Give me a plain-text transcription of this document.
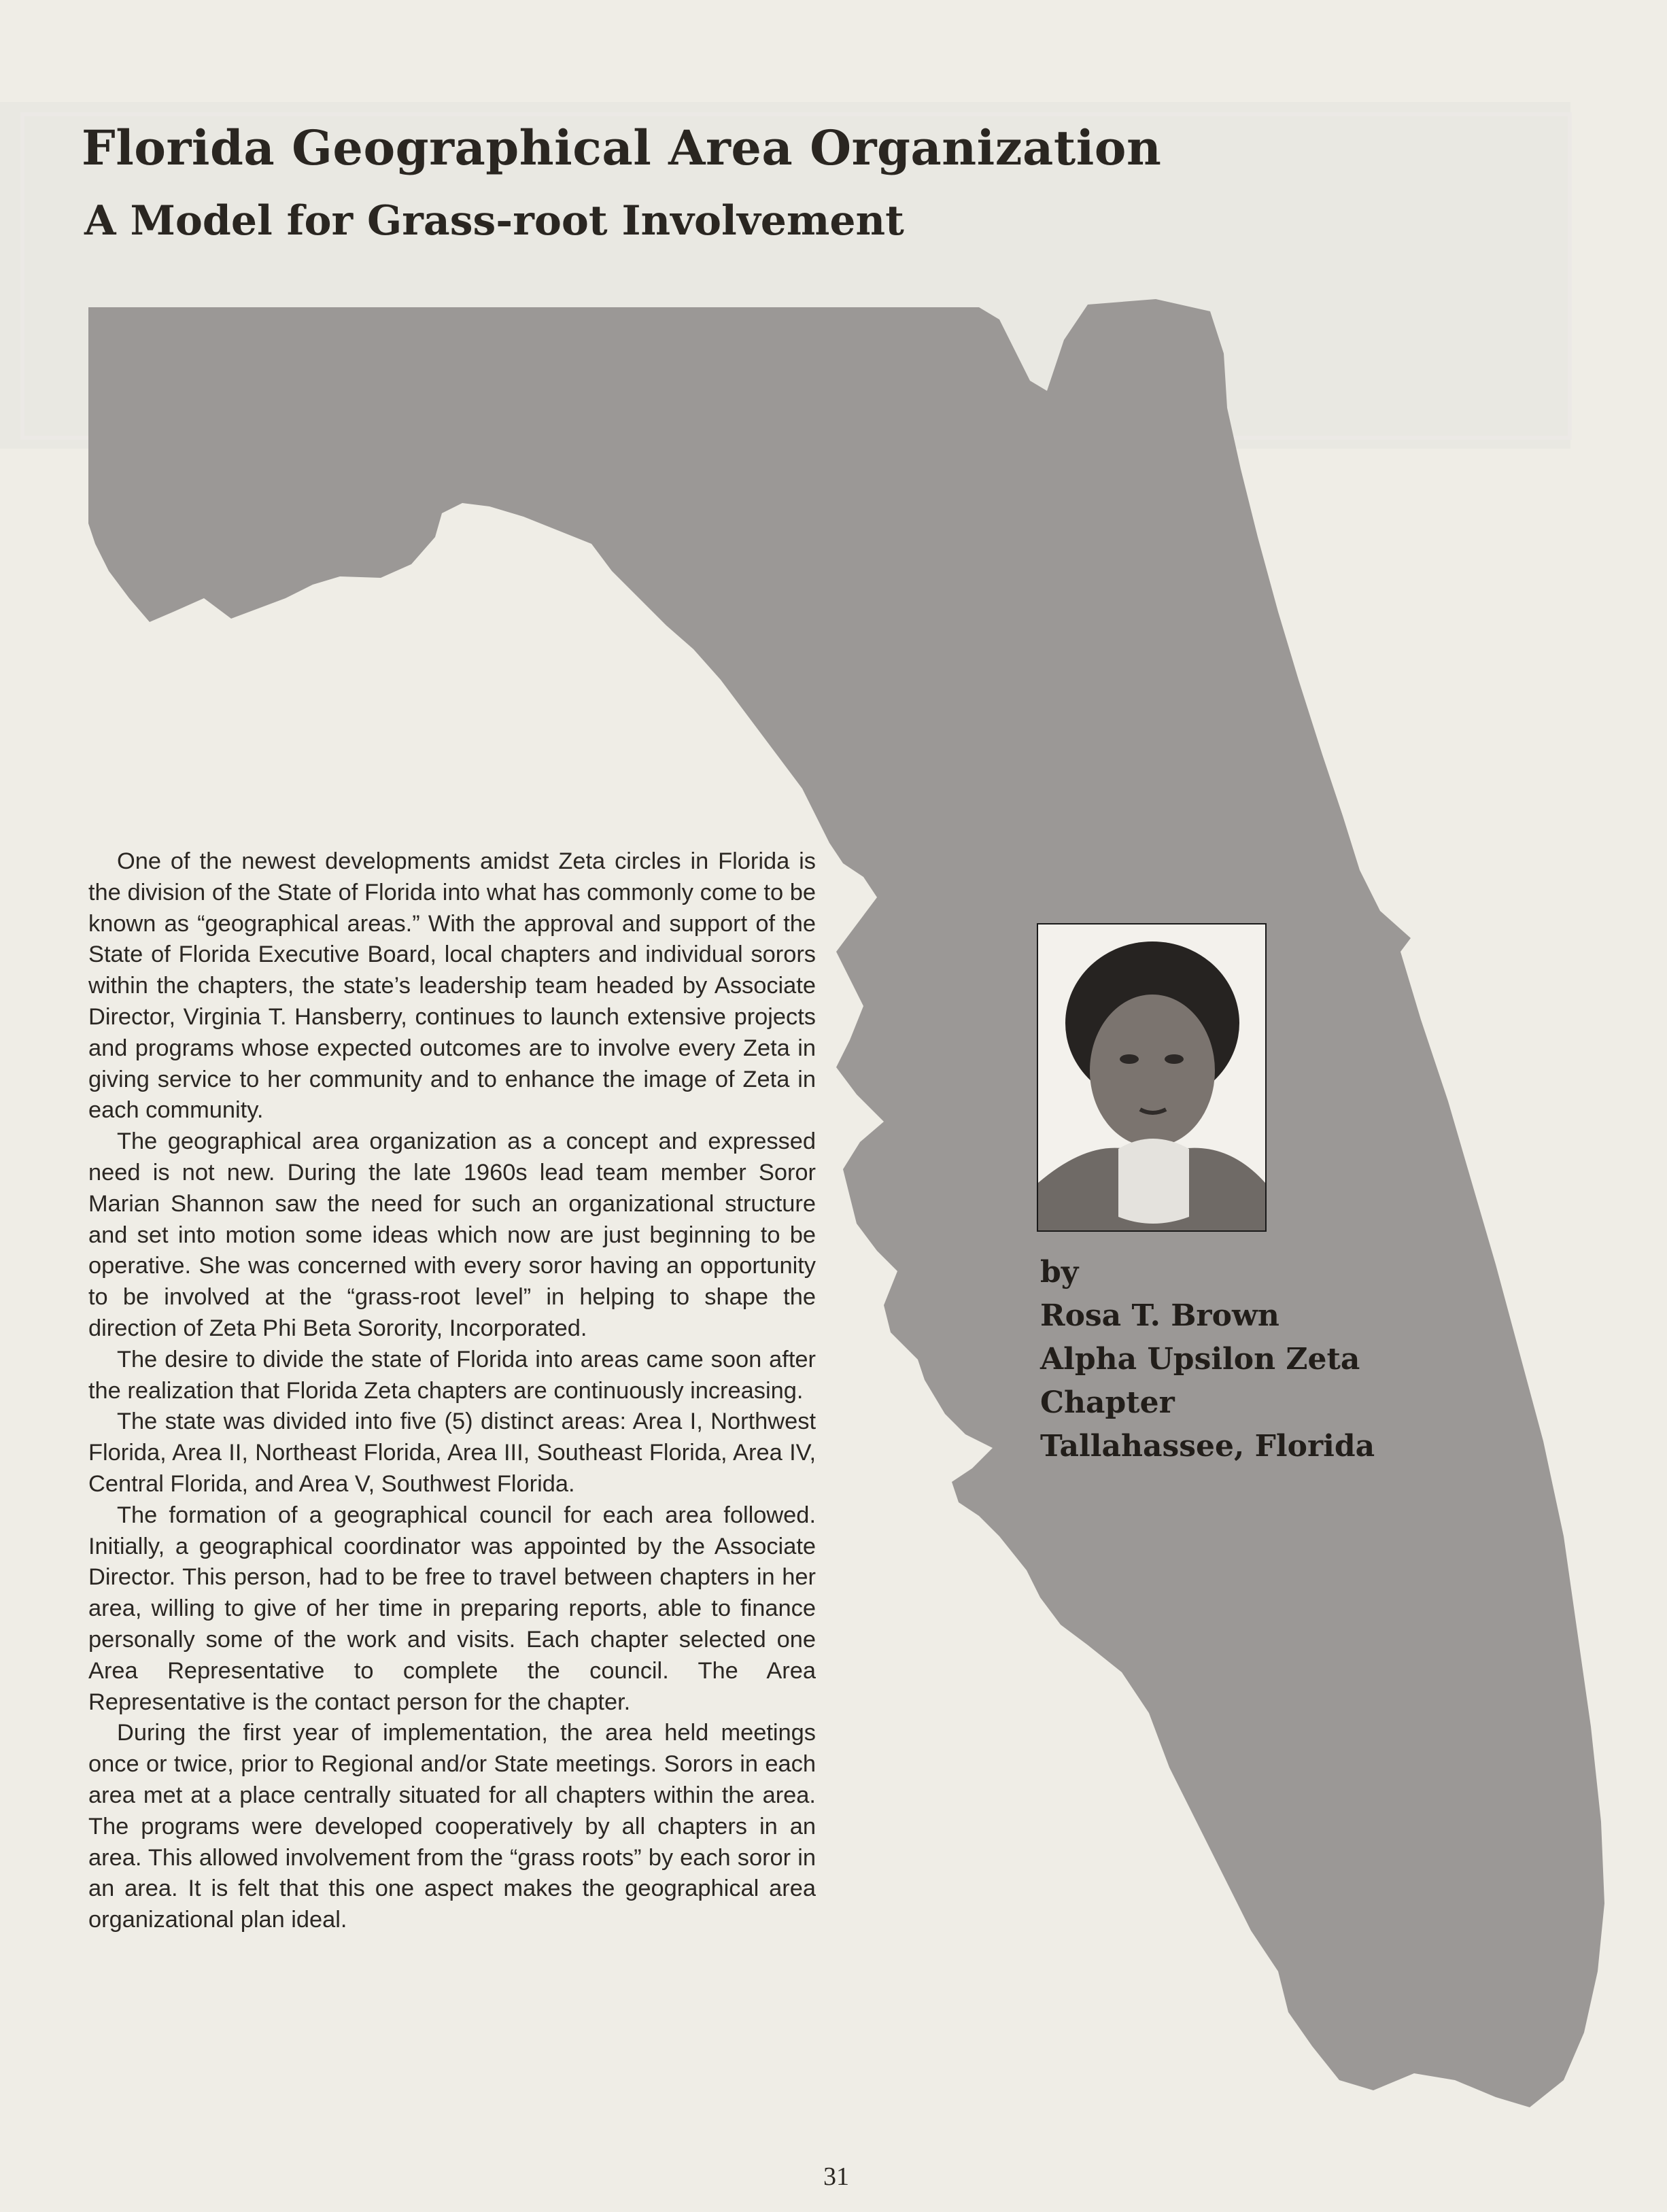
Florida Geographical Area Organization
A Model for Grass-root Involvement

One of the newest developments amidst Zeta circles in Florida is the division of the State of Florida into what has commonly come to be known as “geographical areas.” With the approval and support of the State of Florida Executive Board, local chapters and individual sorors within the chapters, the state’s leadership team headed by Associate Director, Virginia T. Hansberry, continues to launch extensive projects and programs whose expected outcomes are to involve every Zeta in giving service to her community and to enhance the image of Zeta in each community.

The geographical area organization as a concept and expressed need is not new. During the late 1960s lead team member Soror Marian Shannon saw the need for such an organizational structure and set into motion some ideas which now are just beginning to be operative. She was concerned with every soror having an opportunity to be involved at the “grass-root level” in helping to shape the direction of Zeta Phi Beta Sorority, Incorporated.

The desire to divide the state of Florida into areas came soon after the realization that Florida Zeta chapters are continuously increasing.

The state was divided into five (5) distinct areas: Area I, Northwest Florida, Area II, Northeast Florida, Area III, Southeast Florida, Area IV, Central Florida, and Area V, Southwest Florida.

The formation of a geographical council for each area followed. Initially, a geographical coordinator was appointed by the Associate Director. This person, had to be free to travel between chapters in her area, willing to give of her time in preparing reports, able to finance personally some of the work and visits. Each chapter selected one Area Representative to complete the council. The Area Representative is the contact person for the chapter.

During the first year of implementation, the area held meetings once or twice, prior to Regional and/or State meetings. Sorors in each area met at a place centrally situated for all chapters within the area. The programs were developed cooperatively by all chapters in an area. This allowed involvement from the “grass roots” by each soror in an area. It is felt that this one aspect makes the geographical area organizational plan ideal.

by
Rosa T. Brown
Alpha Upsilon Zeta
Chapter
Tallahassee, Florida
31
